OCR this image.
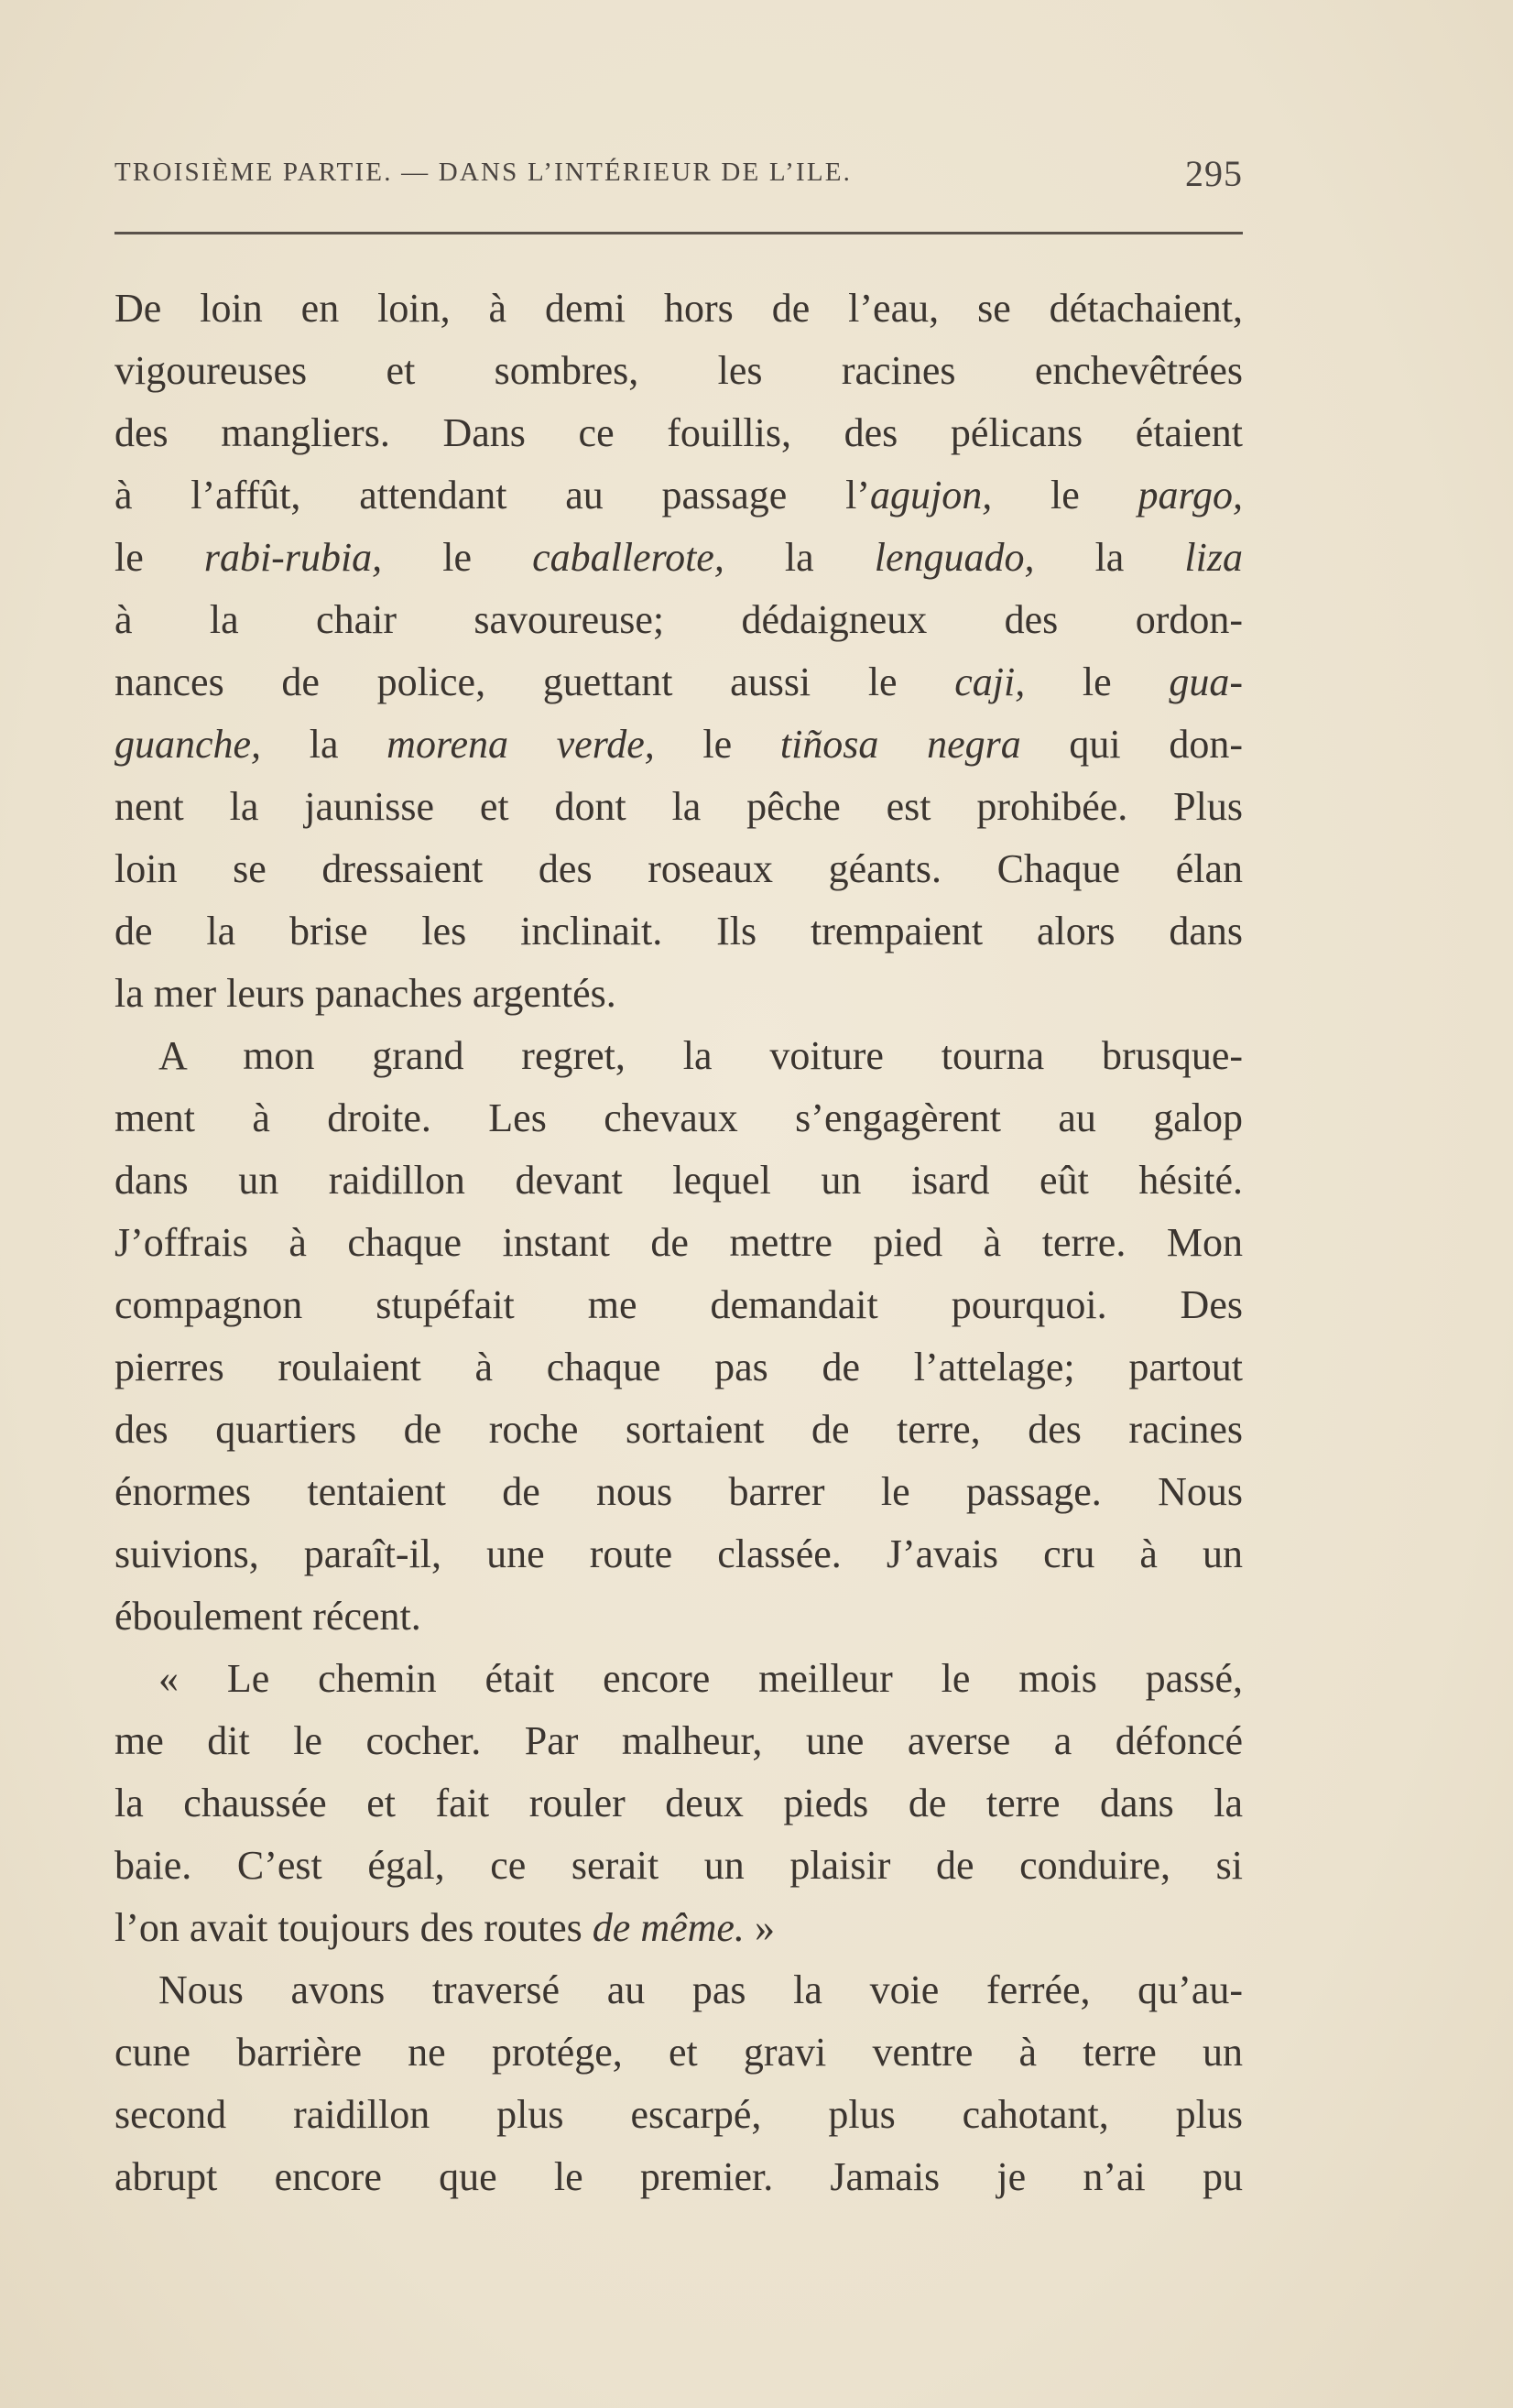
TROISIÈME PARTIE. — DANS L’INTÉRIEUR DE L’ILE.	295
De loin en loin, à demi hors de l’eau, se détachaient,
vigoureuses et sombres, les racines enchevêtrées
des mangliers. Dans ce fouillis, des pélicans étaient
à l’affût, attendant au passage l’agujon, le pargo,
le rabi-rubia, le caballerote, la lenguado, la liza
à la chair savoureuse; dédaigneux des ordon-
nances de police, guettant aussi le caji, le gua-
guanche, la morena verde, le tiñosa negra qui don-
nent la jaunisse et dont la pêche est prohibée. Plus
loin se dressaient des roseaux géants. Chaque élan
de la brise les inclinait. Ils trempaient alors dans
la mer leurs panaches argentés.
A mon grand regret, la voiture tourna brusque-
ment à droite. Les chevaux s’engagèrent au galop
dans un raidillon devant lequel un isard eût hésité.
J’offrais à chaque instant de mettre pied à terre. Mon
compagnon stupéfait me demandait pourquoi. Des
pierres roulaient à chaque pas de l’attelage; partout
des quartiers de roche sortaient de terre, des racines
énormes tentaient de nous barrer le passage. Nous
suivions, paraît-il, une route classée. J’avais cru à un
éboulement récent.
« Le chemin était encore meilleur le mois passé,
me dit le cocher. Par malheur, une averse a défoncé
la chaussée et fait rouler deux pieds de terre dans la
baie. C’est égal, ce serait un plaisir de conduire, si
l’on avait toujours des routes de même. »
Nous avons traversé au pas la voie ferrée, qu’au-
cune barrière ne protége, et gravi ventre à terre un
second raidillon plus escarpé, plus cahotant, plus
abrupt encore que le premier. Jamais je n’ai pu
